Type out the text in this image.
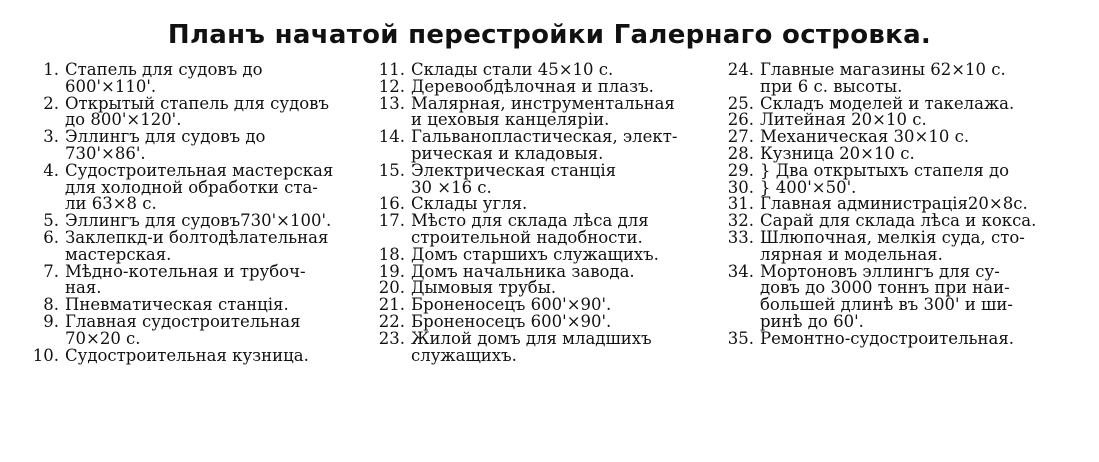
Планъ начатой перестройки Галернаго островка.
1. Стапель для судовъ до
600'×110'.
2. Открытый стапель для судовъ
до 800'×120'.
3. Эллингъ для судовъ до
730'×86'.
4. Судостроительная мастерская
для холодной обработки ста-
ли 63×8 с.
5. Эллингъ для судовъ730'×100'.
6. Заклепкд-и болтодѣлательная
мастерская.
7. Мѣдно-котельная и трубоч-
ная.
8. Пневматическая станція.
9. Главная судостроительная
70×20 с.
10. Судостроительная кузница.
11. Склады стали 45×10 с.
12. Деревообдѣлочная и плазъ.
13. Малярная, инструментальная
и цеховыя канцеляріи.
14. Гальванопластическая, элект-
рическая и кладовыя.
15. Электрическая станція
30 ×16 с.
16. Склады угля.
17. Мѣсто для склада лѣса для
строительной надобности.
18. Домъ старшихъ служащихъ.
19. Домъ начальника завода.
20. Дымовыя трубы.
21. Броненосецъ 600'×90'.
22. Броненосецъ 600'×90'.
23. Жилой домъ для младшихъ
служащихъ.
24. Главные магазины 62×10 с.
при 6 с. высоты.
25. Складъ моделей и такелажа.
26. Литейная 20×10 с.
27. Механическая 30×10 с.
28. Кузница 20×10 с.
29. } Два открытыхъ стапеля до
30. } 400'×50'.
31. Главная администрація20×8с.
32. Сарай для склада лѣса и кокса.
33. Шлюпочная, мелкія суда, сто-
лярная и модельная.
34. Мортоновъ эллингъ для су-
довъ до 3000 тоннъ при наи-
большей длинѣ въ 300' и ши-
ринѣ до 60'.
35. Ремонтно-судостроительная.
